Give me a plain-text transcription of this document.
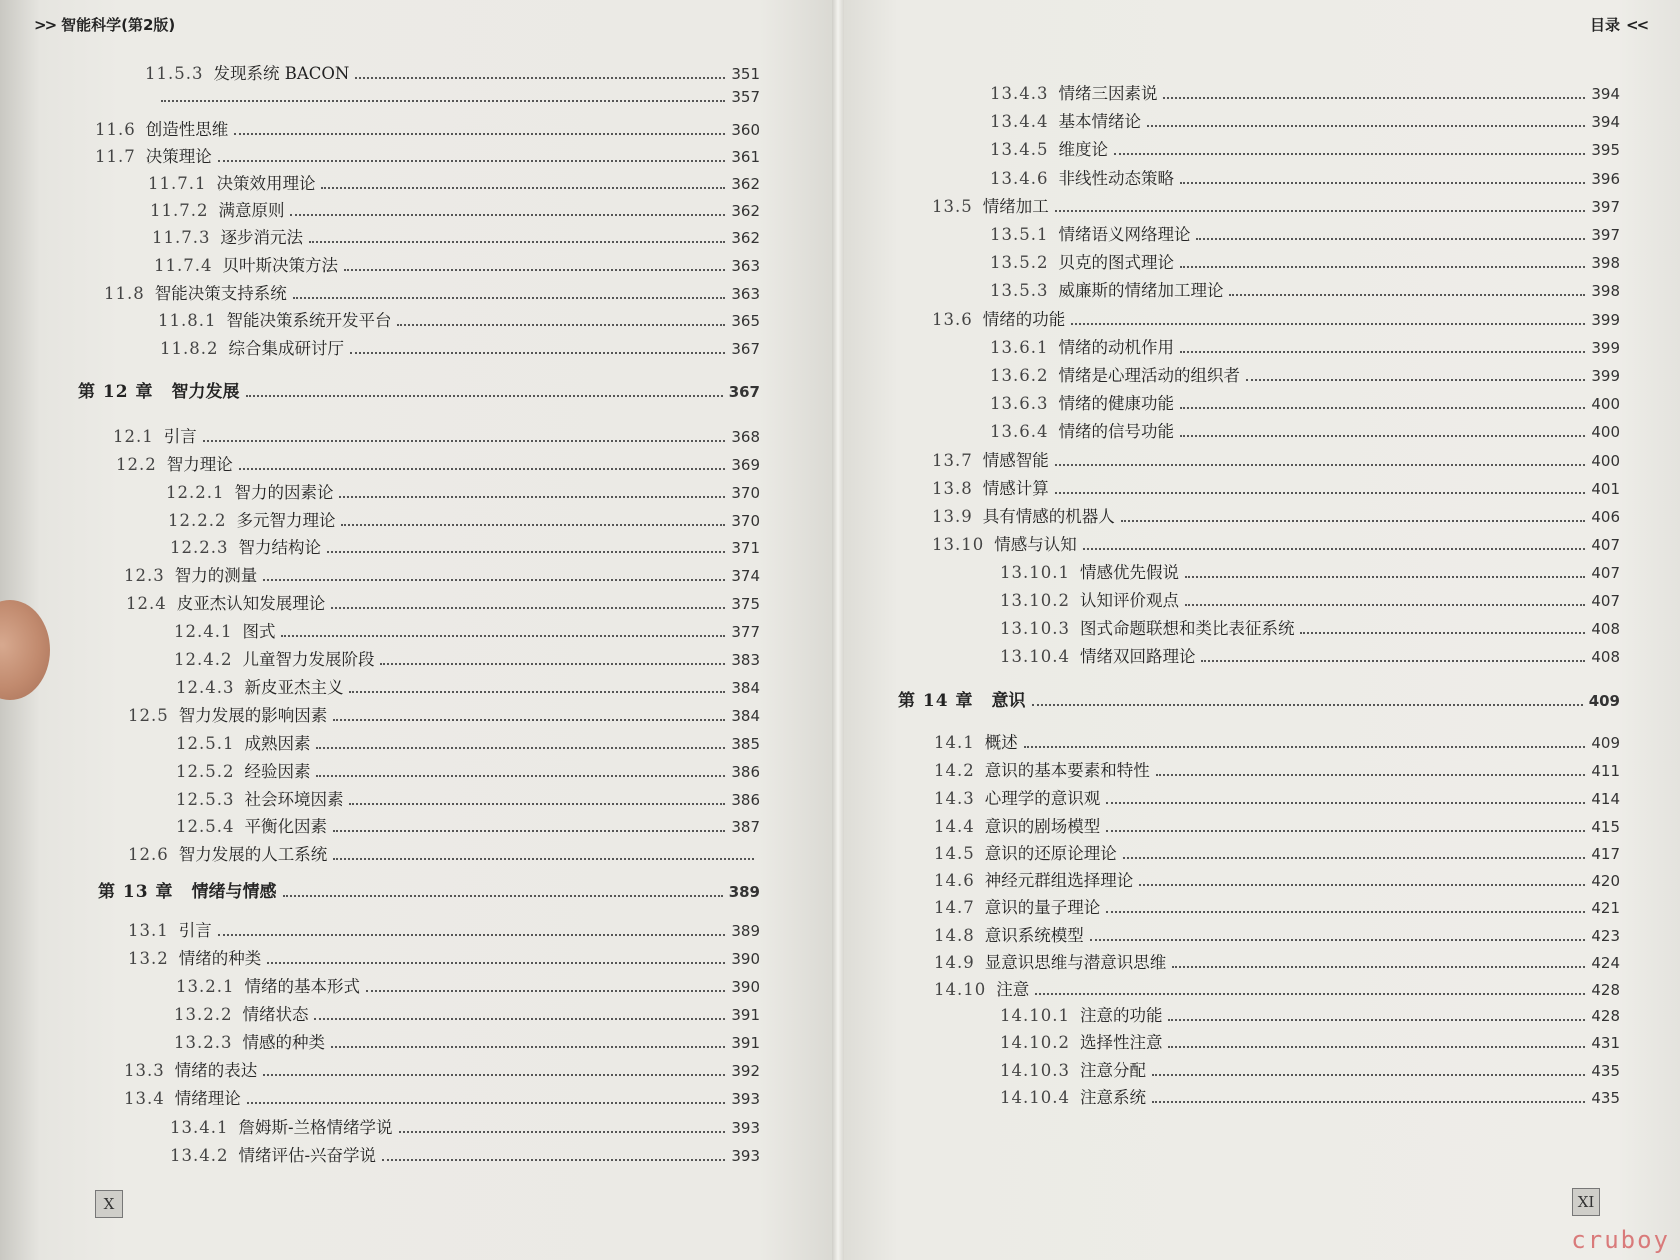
>> 智能科学(第2版)	目录 <<
11.5.3 发现系统 BACON	351
357
11.6 创造性思维	360
11.7 决策理论	361
11.7.1 决策效用理论	362
11.7.2 满意原则	362
11.7.3 逐步消元法	362
11.7.4 贝叶斯决策方法	363
11.8 智能决策支持系统	363
11.8.1 智能决策系统开发平台	365
11.8.2 综合集成研讨厅	367
第 12 章 智力发展	367
12.1 引言	368
12.2 智力理论	369
12.2.1 智力的因素论	370
12.2.2 多元智力理论	370
12.2.3 智力结构论	371
12.3 智力的测量	374
12.4 皮亚杰认知发展理论	375
12.4.1 图式	377
12.4.2 儿童智力发展阶段	383
12.4.3 新皮亚杰主义	384
12.5 智力发展的影响因素	384
12.5.1 成熟因素	385
12.5.2 经验因素	386
12.5.3 社会环境因素	386
12.5.4 平衡化因素	387
12.6 智力发展的人工系统
第 13 章 情绪与情感	389
13.1 引言	389
13.2 情绪的种类	390
13.2.1 情绪的基本形式	390
13.2.2 情绪状态	391
13.2.3 情感的种类	391
13.3 情绪的表达	392
13.4 情绪理论	393
13.4.1 詹姆斯-兰格情绪学说	393
13.4.2 情绪评估-兴奋学说	393
13.4.3 情绪三因素说	394
13.4.4 基本情绪论	394
13.4.5 维度论	395
13.4.6 非线性动态策略	396
13.5 情绪加工	397
13.5.1 情绪语义网络理论	397
13.5.2 贝克的图式理论	398
13.5.3 威廉斯的情绪加工理论	398
13.6 情绪的功能	399
13.6.1 情绪的动机作用	399
13.6.2 情绪是心理活动的组织者	399
13.6.3 情绪的健康功能	400
13.6.4 情绪的信号功能	400
13.7 情感智能	400
13.8 情感计算	401
13.9 具有情感的机器人	406
13.10 情感与认知	407
13.10.1 情感优先假说	407
13.10.2 认知评价观点	407
13.10.3 图式命题联想和类比表征系统	408
13.10.4 情绪双回路理论	408
第 14 章 意识	409
14.1 概述	409
14.2 意识的基本要素和特性	411
14.3 心理学的意识观	414
14.4 意识的剧场模型	415
14.5 意识的还原论理论	417
14.6 神经元群组选择理论	420
14.7 意识的量子理论	421
14.8 意识系统模型	423
14.9 显意识思维与潜意识思维	424
14.10 注意	428
14.10.1 注意的功能	428
14.10.2 选择性注意	431
14.10.3 注意分配	435
14.10.4 注意系统	435
X	XI
cruboy
